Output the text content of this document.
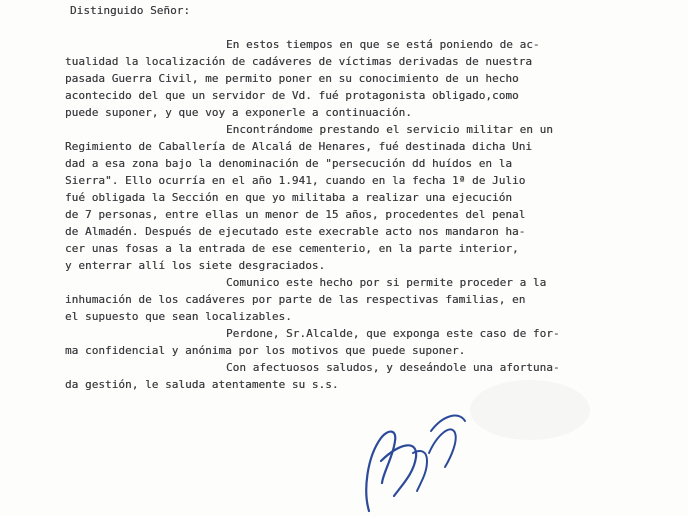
Distinguido Señor:
En estos tiempos en que se está poniendo de ac-
tualidad la localización de cadáveres de víctimas derivadas de nuestra
pasada Guerra Civil, me permito poner en su conocimiento de un hecho
acontecido del que un servidor de Vd. fué protagonista obligado,como
puede suponer, y que voy a exponerle a continuación.
Encontrándome prestando el servicio militar en un
Regimiento de Caballería de Alcalá de Henares, fué destinada dicha Uni
dad a esa zona bajo la denominación de "persecución dd huídos en la
Sierra". Ello ocurría en el año 1.941, cuando en la fecha 1ª de Julio
fué obligada la Sección en que yo militaba a realizar una ejecución
de 7 personas, entre ellas un menor de 15 años, procedentes del penal
de Almadén. Después de ejecutado este execrable acto nos mandaron ha-
cer unas fosas a la entrada de ese cementerio, en la parte interior,
y enterrar allí los siete desgraciados.
Comunico este hecho por si permite proceder a la
inhumación de los cadáveres por parte de las respectivas familias, en
el supuesto que sean localizables.
Perdone, Sr.Alcalde, que exponga este caso de for-
ma confidencial y anónima por los motivos que puede suponer.
Con afectuosos saludos, y deseándole una afortuna-
da gestión, le saluda atentamente su s.s.
